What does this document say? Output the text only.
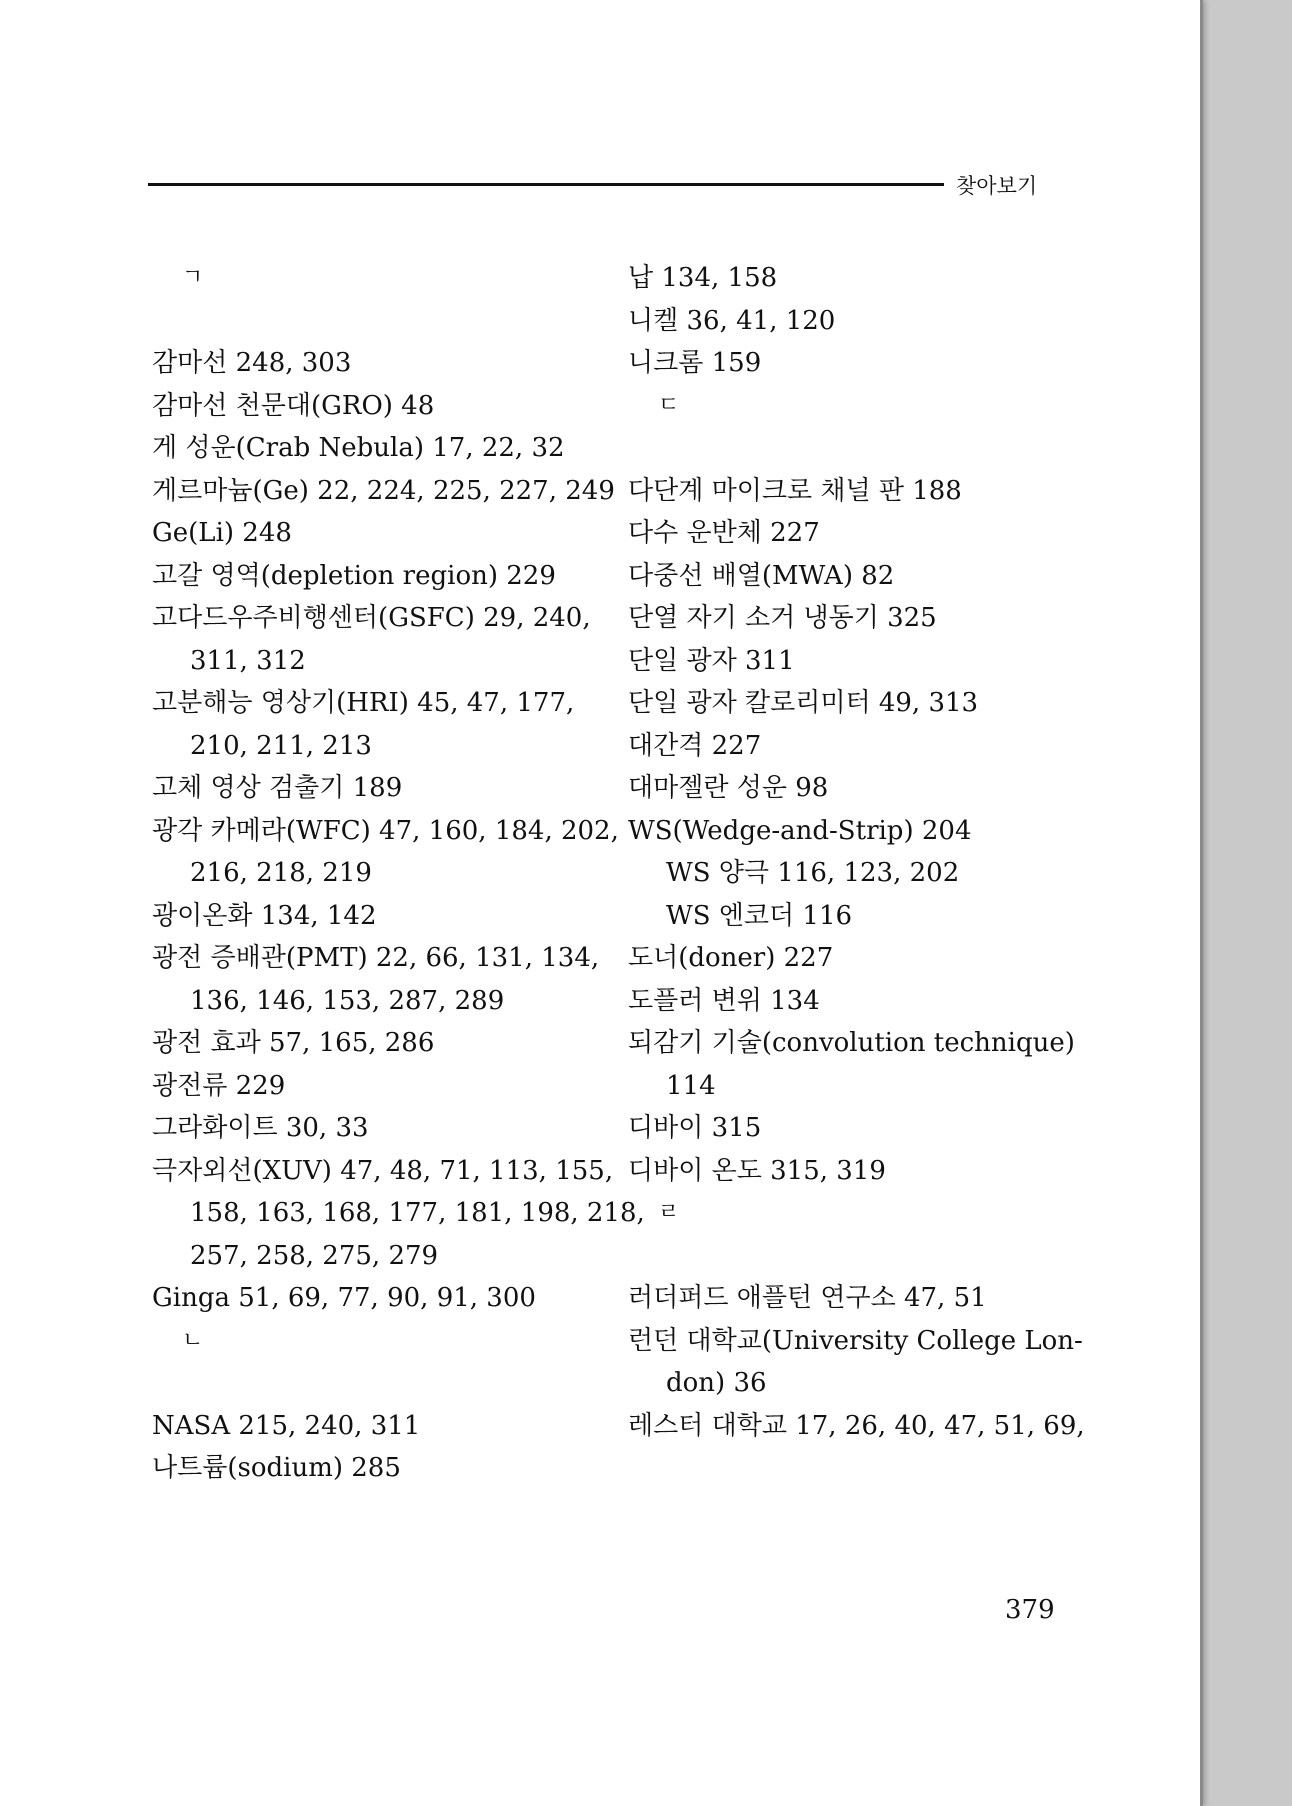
찾아보기
ㄱ
감마선 248, 303
감마선 천문대(GRO) 48
게 성운(Crab Nebula) 17, 22, 32
게르마늄(Ge) 22, 224, 225, 227, 249
Ge(Li) 248
고갈 영역(depletion region) 229
고다드우주비행센터(GSFC) 29, 240,
311, 312
고분해능 영상기(HRI) 45, 47, 177,
210, 211, 213
고체 영상 검출기 189
광각 카메라(WFC) 47, 160, 184, 202,
216, 218, 219
광이온화 134, 142
광전 증배관(PMT) 22, 66, 131, 134,
136, 146, 153, 287, 289
광전 효과 57, 165, 286
광전류 229
그라화이트 30, 33
극자외선(XUV) 47, 48, 71, 113, 155,
158, 163, 168, 177, 181, 198, 218,
257, 258, 275, 279
Ginga 51, 69, 77, 90, 91, 300
ㄴ
NASA 215, 240, 311
나트륨(sodium) 285
납 134, 158
니켈 36, 41, 120
니크롬 159
ㄷ
다단계 마이크로 채널 판 188
다수 운반체 227
다중선 배열(MWA) 82
단열 자기 소거 냉동기 325
단일 광자 311
단일 광자 칼로리미터 49, 313
대간격 227
대마젤란 성운 98
WS(Wedge-and-Strip) 204
WS 양극 116, 123, 202
WS 엔코더 116
도너(doner) 227
도플러 변위 134
되감기 기술(convolution technique)
114
디바이 315
디바이 온도 315, 319
ㄹ
러더퍼드 애플턴 연구소 47, 51
런던 대학교(University College Lon-
don) 36
레스터 대학교 17, 26, 40, 47, 51, 69,
379
